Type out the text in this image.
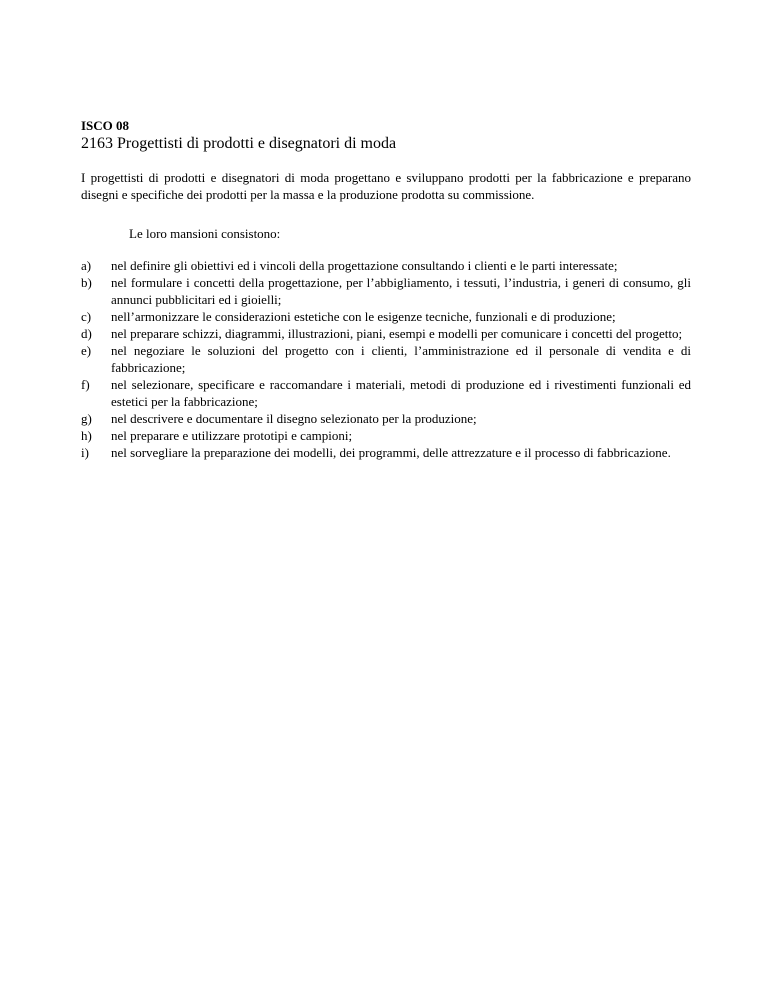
ISCO 08

2163 Progettisti di prodotti e disegnatori di moda

I progettisti di prodotti e disegnatori di moda progettano e sviluppano prodotti per la fabbricazione e preparano disegni e specifiche dei prodotti per la massa e la produzione prodotta su commissione.

Le loro mansioni consistono:

a) nel definire gli obiettivi ed i vincoli della progettazione consultando i clienti e le parti interessate;
b) nel formulare i concetti della progettazione, per l’abbigliamento, i tessuti, l’industria, i generi di consumo, gli annunci pubblicitari ed i gioielli;
c) nell’armonizzare le considerazioni estetiche con le esigenze tecniche, funzionali e di produzione;
d) nel preparare schizzi, diagrammi, illustrazioni, piani, esempi e modelli per comunicare i concetti del progetto;
e) nel negoziare le soluzioni del progetto con i clienti, l’amministrazione ed il personale di vendita e di fabbricazione;
f) nel selezionare, specificare e raccomandare i materiali, metodi di produzione ed i rivestimenti funzionali ed estetici per la fabbricazione;
g) nel descrivere e documentare il disegno selezionato per la produzione;
h) nel preparare e utilizzare prototipi e campioni;
i) nel sorvegliare la preparazione dei modelli, dei programmi, delle attrezzature e il processo di fabbricazione.
